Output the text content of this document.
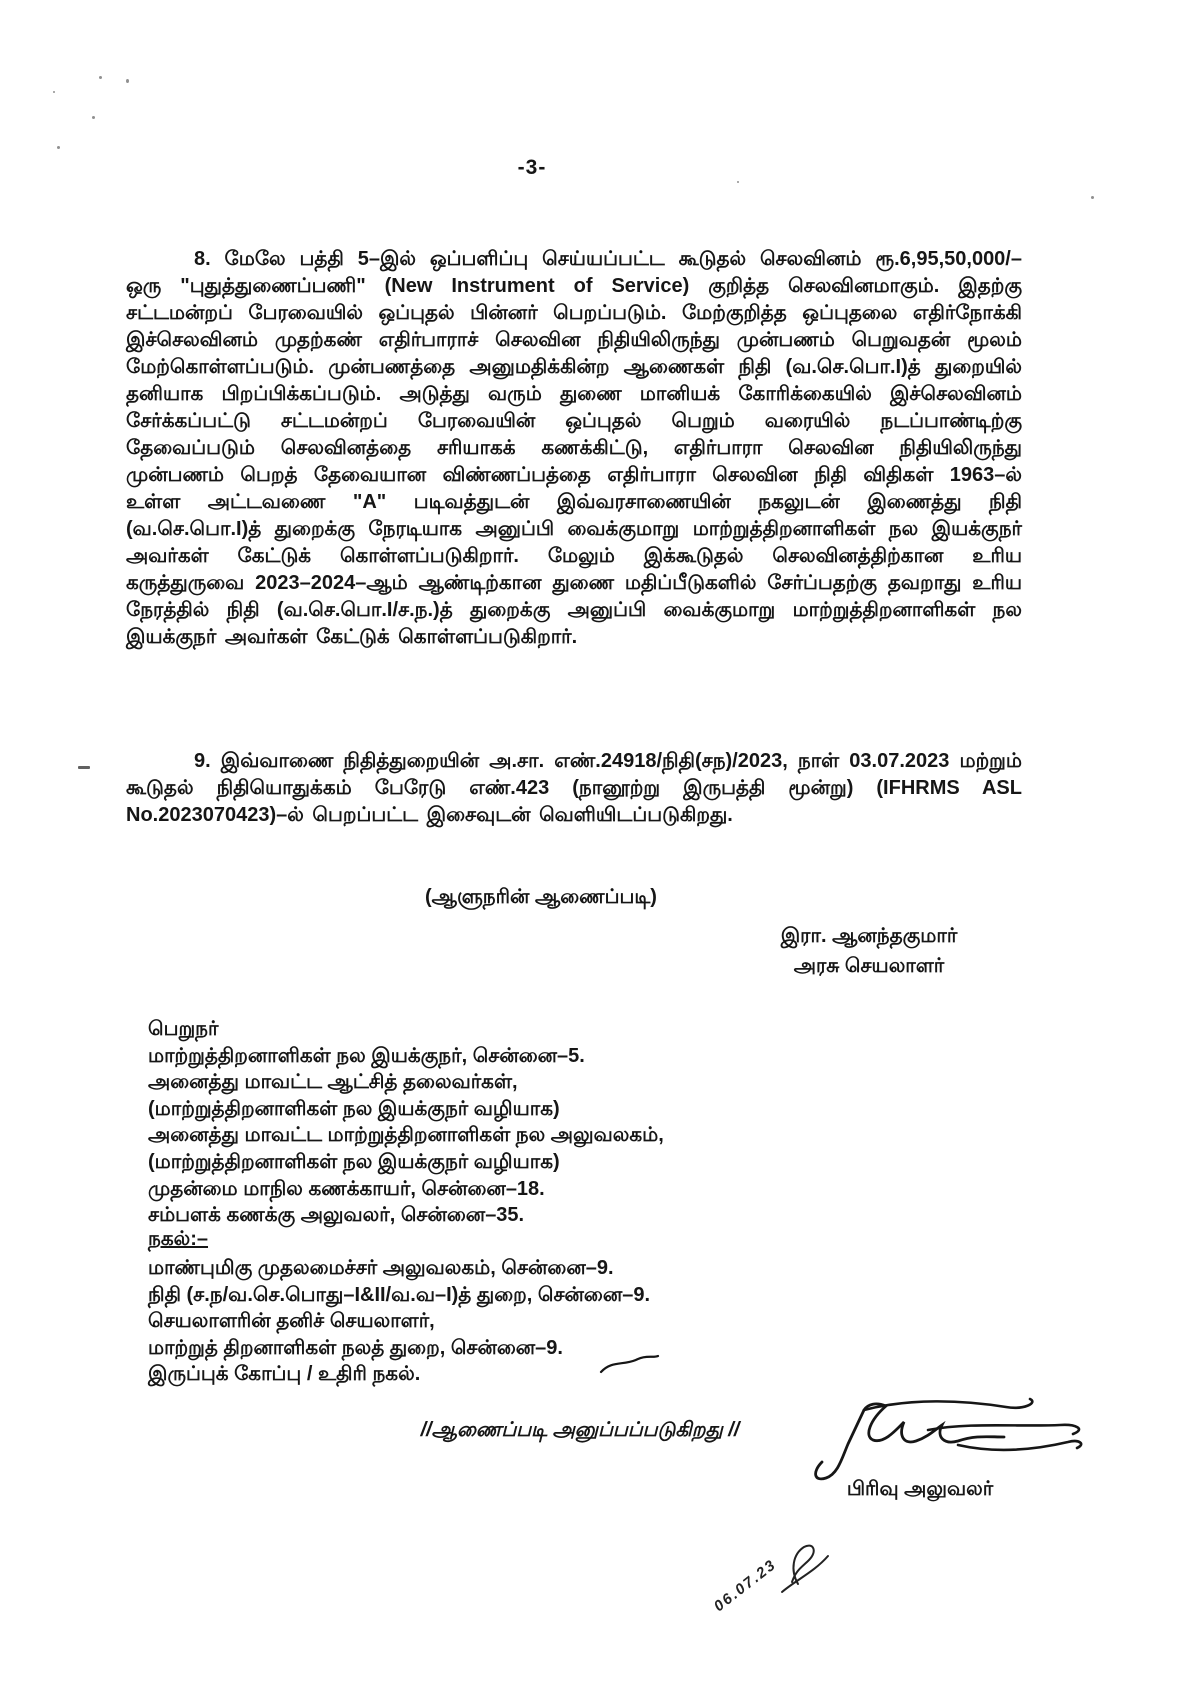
-3-

8. மேலே பத்தி 5–இல் ஒப்பளிப்பு செய்யப்பட்ட கூடுதல் செலவினம் ரூ.6,95,50,000/– ஒரு "புதுத்துணைப்பணி" (New Instrument of Service) குறித்த செலவினமாகும். இதற்கு சட்டமன்றப் பேரவையில் ஒப்புதல் பின்னர் பெறப்படும். மேற்குறித்த ஒப்புதலை எதிர்நோக்கி இச்செலவினம் முதற்கண் எதிர்பாராச் செலவின நிதியிலிருந்து முன்பணம் பெறுவதன் மூலம் மேற்கொள்ளப்படும். முன்பணத்தை அனுமதிக்கின்ற ஆணைகள் நிதி (வ.செ.பொ.I)த் துறையில் தனியாக பிறப்பிக்கப்படும். அடுத்து வரும் துணை மானியக் கோரிக்கையில் இச்செலவினம் சேர்க்கப்பட்டு சட்டமன்றப் பேரவையின் ஒப்புதல் பெறும் வரையில் நடப்பாண்டிற்கு தேவைப்படும் செலவினத்தை சரியாகக் கணக்கிட்டு, எதிர்பாரா செலவின நிதியிலிருந்து முன்பணம் பெறத் தேவையான விண்ணப்பத்தை எதிர்பாரா செலவின நிதி விதிகள் 1963–ல் உள்ள அட்டவணை "A" படிவத்துடன் இவ்வரசாணையின் நகலுடன் இணைத்து நிதி (வ.செ.பொ.I)த் துறைக்கு நேரடியாக அனுப்பி வைக்குமாறு மாற்றுத்திறனாளிகள் நல இயக்குநர் அவர்கள் கேட்டுக் கொள்ளப்படுகிறார். மேலும் இக்கூடுதல் செலவினத்திற்கான உரிய கருத்துருவை 2023–2024–ஆம் ஆண்டிற்கான துணை மதிப்பீடுகளில் சேர்ப்பதற்கு தவறாது உரிய நேரத்தில் நிதி (வ.செ.பொ.I/ச.ந.)த் துறைக்கு அனுப்பி வைக்குமாறு மாற்றுத்திறனாளிகள் நல இயக்குநர் அவர்கள் கேட்டுக் கொள்ளப்படுகிறார்.

9. இவ்வாணை நிதித்துறையின் அ.சா. எண்.24918/நிதி(சந)/2023, நாள் 03.07.2023 மற்றும் கூடுதல் நிதியொதுக்கம் பேரேடு எண்.423 (நானூற்று இருபத்தி மூன்று) (IFHRMS ASL No.2023070423)–ல் பெறப்பட்ட இசைவுடன் வெளியிடப்படுகிறது.

(ஆளுநரின் ஆணைப்படி)
இரா. ஆனந்தகுமார்
அரசு செயலாளர்
பெறுநர்
மாற்றுத்திறனாளிகள் நல இயக்குநர், சென்னை–5.
அனைத்து மாவட்ட ஆட்சித் தலைவர்கள்,
(மாற்றுத்திறனாளிகள் நல இயக்குநர் வழியாக)
அனைத்து மாவட்ட மாற்றுத்திறனாளிகள் நல அலுவலகம்,
(மாற்றுத்திறனாளிகள் நல இயக்குநர் வழியாக)
முதன்மை மாநில கணக்காயர், சென்னை–18.
சம்பளக் கணக்கு அலுவலர், சென்னை–35.
நகல்:–
மாண்புமிகு முதலமைச்சர் அலுவலகம், சென்னை–9.
நிதி (ச.ந/வ.செ.பொது–I&II/வ.வ–I)த் துறை, சென்னை–9.
செயலாளரின் தனிச் செயலாளர்,
மாற்றுத் திறனாளிகள் நலத் துறை, சென்னை–9.
இருப்புக் கோப்பு / உதிரி நகல்.
//ஆணைப்படி அனுப்பப்படுகிறது //
பிரிவு அலுவலர்
06.07.23
